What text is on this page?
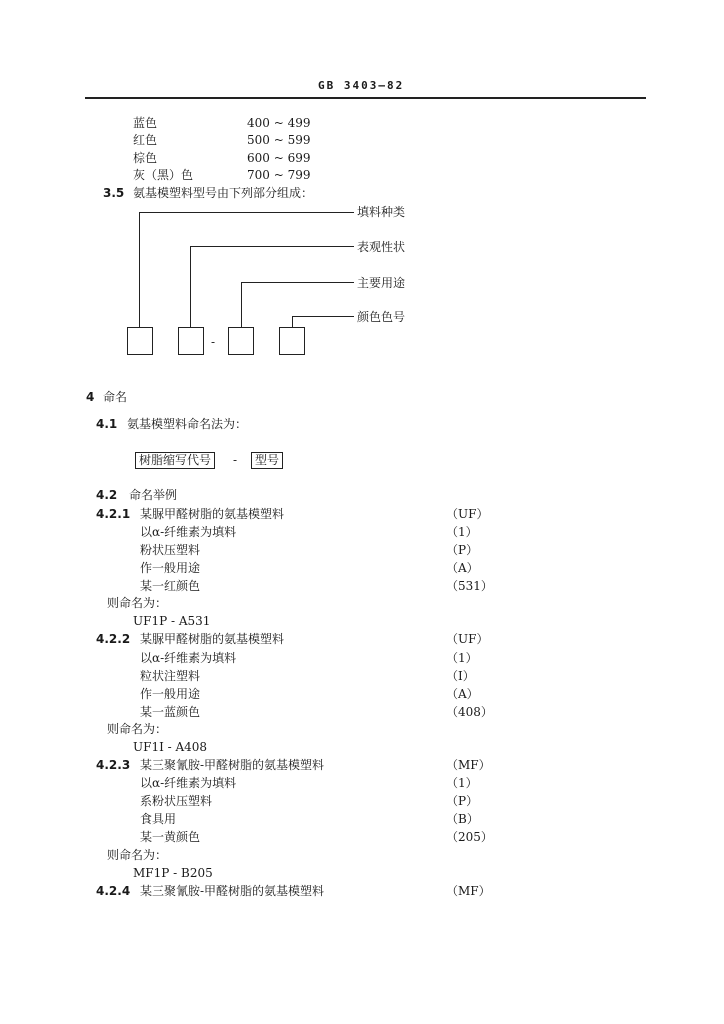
GB 3403—82
蓝色	400 ~ 499
红色	500 ~ 599
棕色	600 ~ 699
灰（黑）色	700 ~ 799
3.5 氨基模塑料型号由下列部分组成：
填料种类
表观性状
主要用途
颜色色号
-
4 命名
4.1 氨基模塑料命名法为：
树脂缩写代号	-	型号
4.2 命名举例
4.2.1 某脲甲醛树脂的氨基模塑料	（UF）
以α-纤维素为填料	（1）
粉状压塑料	（P）
作一般用途	（A）
某一红颜色	（531）
则命名为：
UF1P - A531
4.2.2 某脲甲醛树脂的氨基模塑料	（UF）
以α-纤维素为填料	（1）
粒状注塑料	（I）
作一般用途	（A）
某一蓝颜色	（408）
则命名为：
UF1I - A408
4.2.3 某三聚氰胺-甲醛树脂的氨基模塑料	（MF）
以α-纤维素为填料	（1）
系粉状压塑料	（P）
食具用	（B）
某一黄颜色	（205）
则命名为：
MF1P - B205
4.2.4 某三聚氰胺-甲醛树脂的氨基模塑料	（MF）
